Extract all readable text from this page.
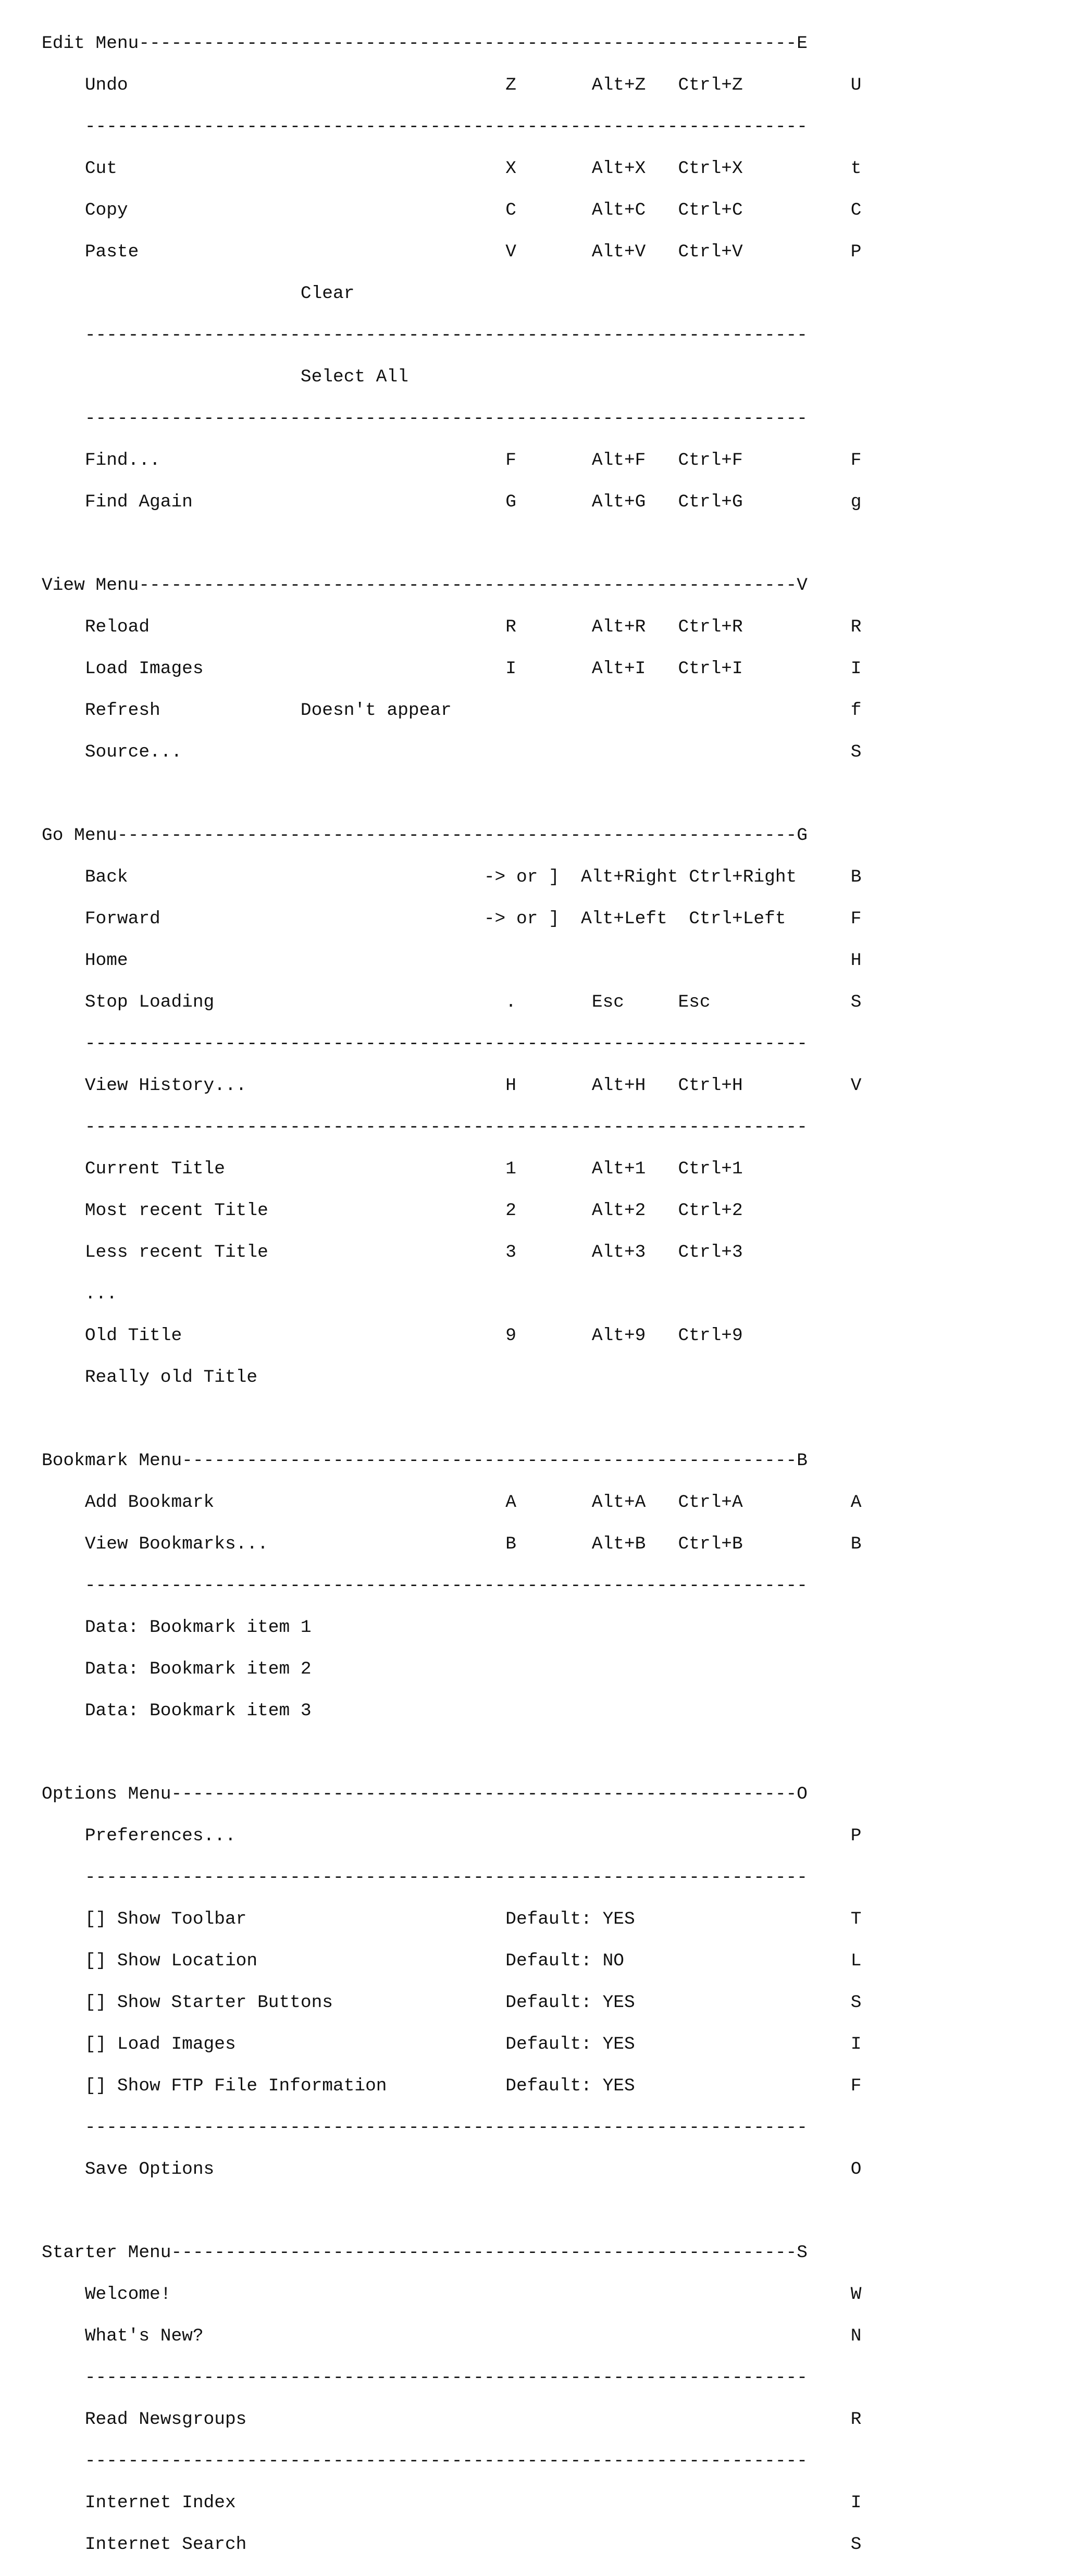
Edit Menu-------------------------------------------------------------E

Undo                                   Z       Alt+Z   Ctrl+Z          U

-------------------------------------------------------------------

Cut                                    X       Alt+X   Ctrl+X          t

Copy                                   C       Alt+C   Ctrl+C          C

Paste                                  V       Alt+V   Ctrl+V          P

Clear

-------------------------------------------------------------------

Select All

-------------------------------------------------------------------

Find...                                F       Alt+F   Ctrl+F          F

Find Again                             G       Alt+G   Ctrl+G          g

View Menu-------------------------------------------------------------V

Reload                                 R       Alt+R   Ctrl+R          R

Load Images                            I       Alt+I   Ctrl+I          I

Refresh             Doesn't appear                                     f

Source...                                                              S

Go Menu---------------------------------------------------------------G

Back                                 -> or ]  Alt+Right Ctrl+Right     B

Forward                              -> or ]  Alt+Left  Ctrl+Left      F

Home                                                                   H

Stop Loading                           .       Esc     Esc             S

-------------------------------------------------------------------

View History...                        H       Alt+H   Ctrl+H          V

-------------------------------------------------------------------

Current Title                          1       Alt+1   Ctrl+1

Most recent Title                      2       Alt+2   Ctrl+2

Less recent Title                      3       Alt+3   Ctrl+3

...

Old Title                              9       Alt+9   Ctrl+9

Really old Title

Bookmark Menu---------------------------------------------------------B

Add Bookmark                           A       Alt+A   Ctrl+A          A

View Bookmarks...                      B       Alt+B   Ctrl+B          B

-------------------------------------------------------------------

Data: Bookmark item 1

Data: Bookmark item 2

Data: Bookmark item 3

Options Menu----------------------------------------------------------O

Preferences...                                                         P

-------------------------------------------------------------------

[] Show Toolbar                        Default: YES                    T

[] Show Location                       Default: NO                     L

[] Show Starter Buttons                Default: YES                    S

[] Load Images                         Default: YES                    I

[] Show FTP File Information           Default: YES                    F

-------------------------------------------------------------------

Save Options                                                           O

Starter Menu----------------------------------------------------------S

Welcome!                                                               W

What's New?                                                            N

-------------------------------------------------------------------

Read Newsgroups                                                        R

-------------------------------------------------------------------

Internet Index                                                         I

Internet Search                                                        S
